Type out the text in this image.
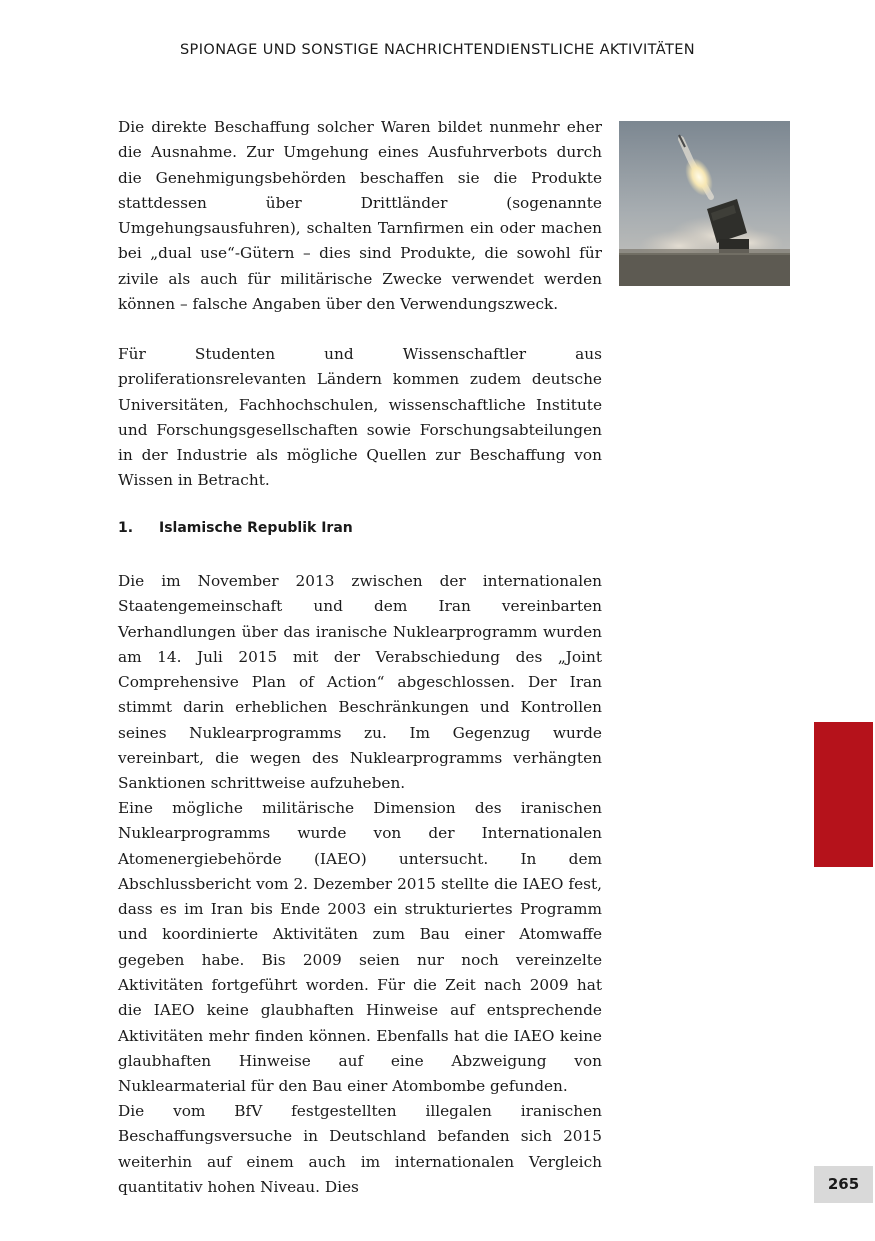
SPIONAGE UND SONSTIGE NACHRICHTENDIENSTLICHE AKTIVITÄTEN
Die direkte Beschaffung solcher Waren bildet nunmehr eher die Ausnahme. Zur Umgehung eines Ausfuhrverbots durch die Genehmigungsbehörden beschaffen sie die Produkte stattdessen über Drittländer (sogenannte Umgehungsausfuhren), schalten Tarnfirmen ein oder machen bei „dual use“-Gütern – dies sind Produkte, die sowohl für zivile als auch für militärische Zwecke verwendet werden können – falsche Angaben über den Verwendungszweck.
Für Studenten und Wissenschaftler aus proliferationsrelevanten Ländern kommen zudem deutsche Universitäten, Fachhochschulen, wissenschaftliche Institute und Forschungsgesellschaften sowie Forschungsabteilungen in der Industrie als mögliche Quellen zur Beschaffung von Wissen in Betracht.
1. Islamische Republik Iran
Die im November 2013 zwischen der internationalen Staatengemeinschaft und dem Iran vereinbarten Verhandlungen über das iranische Nuklearprogramm wurden am 14. Juli 2015 mit der Verabschiedung des „Joint Comprehensive Plan of Action“ abgeschlossen. Der Iran stimmt darin erheblichen Beschränkungen und Kontrollen seines Nuklearprogramms zu. Im Gegenzug wurde vereinbart, die wegen des Nuklearprogramms verhängten Sanktionen schrittweise aufzuheben.
Eine mögliche militärische Dimension des iranischen Nuklearprogramms wurde von der Internationalen Atomenergiebehörde (IAEO) untersucht. In dem Abschlussbericht vom 2. Dezember 2015 stellte die IAEO fest, dass es im Iran bis Ende 2003 ein strukturiertes Programm und koordinierte Aktivitäten zum Bau einer Atomwaffe gegeben habe. Bis 2009 seien nur noch vereinzelte Aktivitäten fortgeführt worden. Für die Zeit nach 2009 hat die IAEO keine glaubhaften Hinweise auf entsprechende Aktivitäten mehr finden können. Ebenfalls hat die IAEO keine glaubhaften Hinweise auf eine Abzweigung von Nuklearmaterial für den Bau einer Atombombe gefunden.
Die vom BfV festgestellten illegalen iranischen Beschaffungsversuche in Deutschland befanden sich 2015 weiterhin auf einem auch im internationalen Vergleich quantitativ hohen Niveau. Dies	265
